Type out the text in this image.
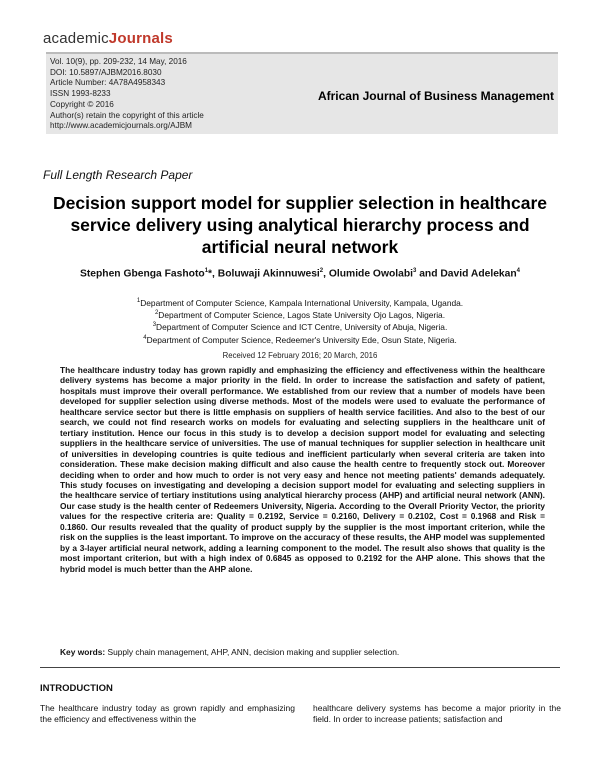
academicJournals
Vol. 10(9), pp. 209-232, 14 May, 2016
DOI: 10.5897/AJBM2016.8030
Article Number: 4A78A4958343
ISSN 1993-8233
Copyright © 2016
Author(s) retain the copyright of this article
http://www.academicjournals.org/AJBM
African Journal of Business Management
Full Length Research Paper
Decision support model for supplier selection in healthcare service delivery using analytical hierarchy process and artificial neural network
Stephen Gbenga Fashoto$^1$*, Boluwaji Akinnuwesi$^2$, Olumide Owolabi$^3$ and David Adelekan$^4$
$^1$Department of Computer Science, Kampala International University, Kampala, Uganda.
$^2$Department of Computer Science, Lagos State University Ojo Lagos, Nigeria.
$^3$Department of Computer Science and ICT Centre, University of Abuja, Nigeria.
$^4$Department of Computer Science, Redeemer's University Ede, Osun State, Nigeria.
Received 12 February 2016; 20 March, 2016
The healthcare industry today has grown rapidly and emphasizing the efficiency and effectiveness within the healthcare delivery systems has become a major priority in the field. In order to increase the satisfaction and safety of patient, hospitals must improve their overall performance. We established from our review that a number of models have been developed for supplier selection using diverse methods. Most of the models were used to evaluate the performance of healthcare service sector but there is little emphasis on suppliers of health service facilities. And also to the best of our search, we could not find research works on models for evaluating and selecting suppliers in the healthcare unit of tertiary institution. Hence our focus in this study is to develop a decision support model for evaluating and selecting suppliers in the healthcare service of universities. The use of manual techniques for supplier selection in healthcare unit of universities in developing countries is quite tedious and inefficient particularly when several criteria are taken into consideration. These make decision making difficult and also cause the health centre to frequently stock out. Moreover deciding when to order and how much to order is not very easy and hence not meeting patients' demands adequately. This study focuses on investigating and developing a decision support model for evaluating and selecting suppliers in the healthcare service of tertiary institutions using analytical hierarchy process (AHP) and artificial neural network (ANN). Our case study is the health center of Redeemers University, Nigeria. According to the Overall Priority Vector, the priority values for the respective criteria are: Quality = 0.2192, Service = 0.2160, Delivery = 0.2102, Cost = 0.1968 and Risk = 0.1860. Our results revealed that the quality of product supply by the supplier is the most important criterion, while the risk on the supplies is the least important. To improve on the accuracy of these results, the AHP model was supplemented by a 3-layer artificial neural network, adding a learning component to the model. The result also shows that quality is the most important criterion, but with a high index of 0.6845 as opposed to 0.2192 for the AHP alone. This shows that the hybrid model is much better than the AHP alone.
Key words: Supply chain management, AHP, ANN, decision making and supplier selection.
INTRODUCTION
The healthcare industry today as grown rapidly and emphasizing the efficiency and effectiveness within the
healthcare delivery systems has become a major priority in the field. In order to increase patients; satisfaction and
